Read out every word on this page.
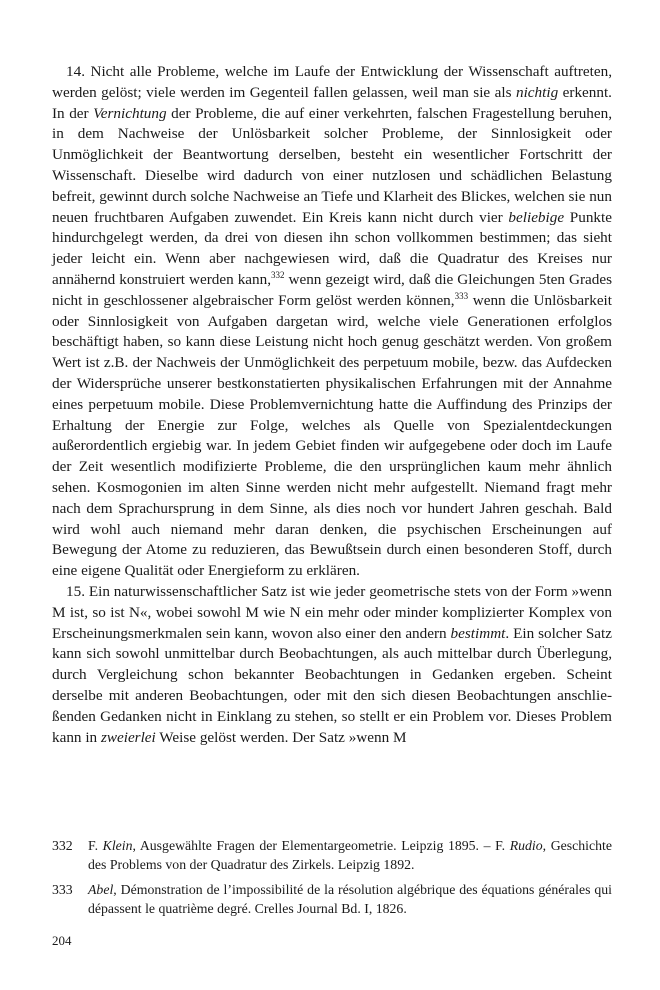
14. Nicht alle Probleme, welche im Laufe der Entwicklung der Wissenschaft auftreten, werden gelöst; viele werden im Gegenteil fallen gelassen, weil man sie als nichtig erkennt. In der Vernichtung der Probleme, die auf einer verkehrten, falschen Fragestellung beruhen, in dem Nachweise der Unlösbarkeit solcher Probleme, der Sinnlosigkeit oder Unmöglichkeit der Beantwortung derselben, besteht ein wesentlicher Fortschritt der Wissenschaft. Dieselbe wird dadurch von einer nutzlosen und schädlichen Belastung befreit, gewinnt durch solche Nachweise an Tiefe und Klarheit des Blickes, welchen sie nun neuen fruchtbaren Aufgaben zuwendet. Ein Kreis kann nicht durch vier beliebige Punkte hindurchgelegt werden, da drei von diesen ihn schon vollkommen bestimmen; das sieht jeder leicht ein. Wenn aber nachgewiesen wird, daß die Quadratur des Kreises nur annähernd konstruiert werden kann,$^{332}$ wenn gezeigt wird, daß die Gleichungen 5ten Grades nicht in geschlossener algebraischer Form gelöst werden können,$^{333}$ wenn die Unlösbarkeit oder Sinnlosigkeit von Aufgaben dargetan wird, welche viele Generationen erfolglos beschäftigt haben, so kann diese Leistung nicht hoch genug geschätzt werden. Von großem Wert ist z.B. der Nachweis der Unmöglichkeit des perpetuum mobile, bezw. das Aufdecken der Widersprüche unserer bestkonstatierten physikalischen Erfahrungen mit der Annahme eines perpetuum mobile. Diese Problemvernichtung hatte die Auffindung des Prinzips der Erhaltung der Energie zur Folge, welches als Quelle von Spezialentdeckungen außerordentlich ergiebig war. In jedem Gebiet finden wir aufgegebene oder doch im Laufe der Zeit wesentlich modifizierte Probleme, die den ursprünglichen kaum mehr ähnlich sehen. Kosmogonien im alten Sinne werden nicht mehr aufgestellt. Niemand fragt mehr nach dem Sprachursprung in dem Sinne, als dies noch vor hundert Jahren geschah. Bald wird wohl auch niemand mehr daran denken, die psychischen Erscheinungen auf Bewegung der Atome zu reduzieren, das Bewußtsein durch einen besonderen Stoff, durch eine eigene Qualität oder Energieform zu erklären.

15. Ein naturwissenschaftlicher Satz ist wie jeder geometrische stets von der Form »wenn M ist, so ist N«, wobei sowohl M wie N ein mehr oder minder komplizierter Komplex von Erscheinungsmerkmalen sein kann, wovon also einer den andern bestimmt. Ein solcher Satz kann sich sowohl unmittelbar durch Beobachtungen, als auch mittelbar durch Überlegung, durch Vergleichung schon bekannter Beobachtungen in Gedanken ergeben. Scheint derselbe mit anderen Beobachtungen, oder mit den sich diesen Beobachtungen anschließenden Gedanken nicht in Einklang zu stehen, so stellt er ein Problem vor. Dieses Problem kann in zweierlei Weise gelöst werden. Der Satz »wenn M

332	F. Klein, Ausgewählte Fragen der Elementargeometrie. Leipzig 1895. – F. Rudio, Geschichte des Problems von der Quadratur des Zirkels. Leipzig 1892.
333	Abel, Démonstration de l’impossibilité de la résolution algébrique des équations générales qui dépassent le quatrième degré. Crelles Journal Bd. I, 1826.
204
